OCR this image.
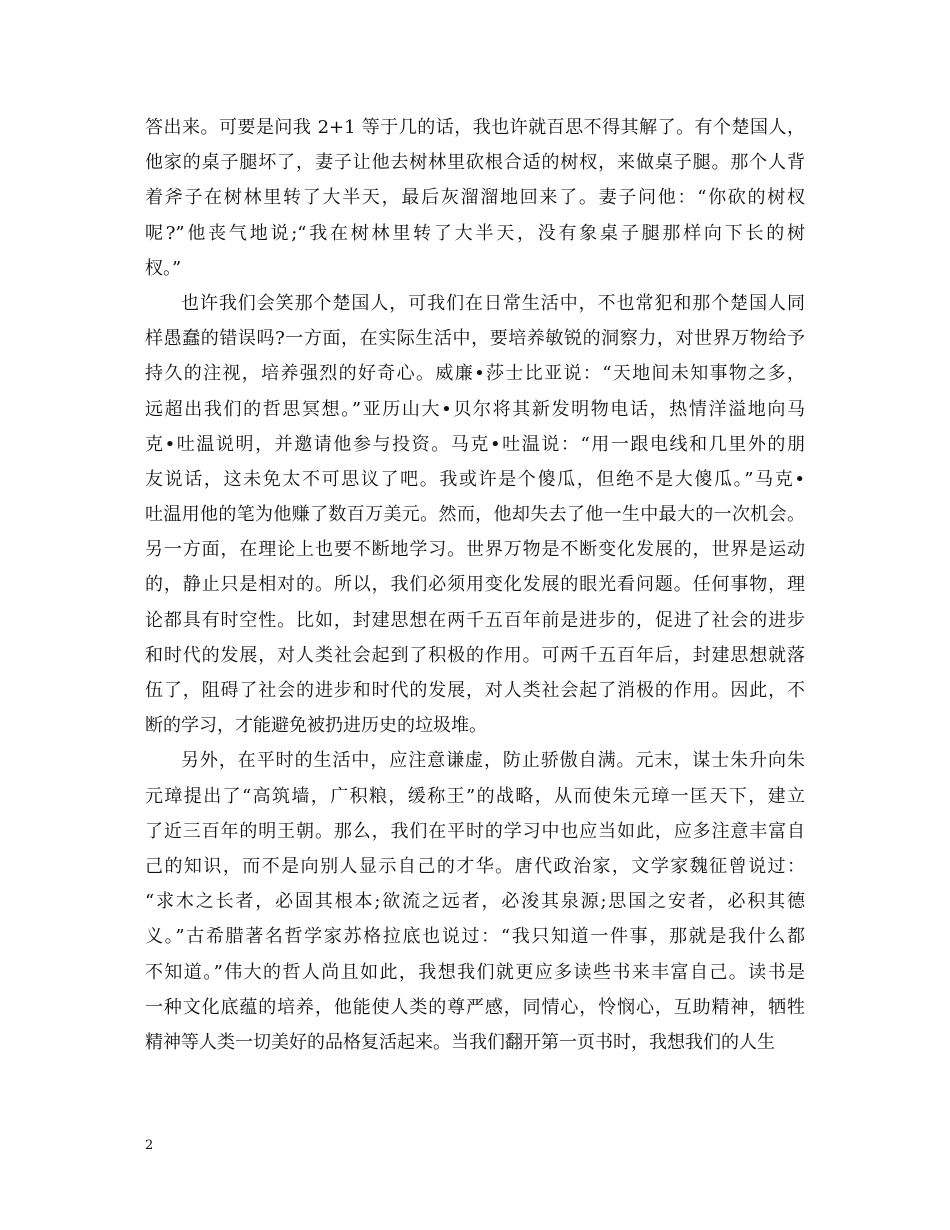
答出来。可要是问我 2+1 等于几的话，我也许就百思不得其解了。有个楚国人，
他家的桌子腿坏了，妻子让他去树林里砍根合适的树杈，来做桌子腿。那个人背
着斧子在树林里转了大半天，最后灰溜溜地回来了。妻子问他：“你砍的树杈
呢?”他丧气地说;“我在树林里转了大半天，没有象桌子腿那样向下长的树
杈。”
也许我们会笑那个楚国人，可我们在日常生活中，不也常犯和那个楚国人同
样愚蠢的错误吗?一方面，在实际生活中，要培养敏锐的洞察力，对世界万物给予
持久的注视，培养强烈的好奇心。威廉•莎士比亚说：“天地间未知事物之多，
远超出我们的哲思冥想。”亚历山大•贝尔将其新发明物电话，热情洋溢地向马
克•吐温说明，并邀请他参与投资。马克•吐温说：“用一跟电线和几里外的朋
友说话，这未免太不可思议了吧。我或许是个傻瓜，但绝不是大傻瓜。”马克•
吐温用他的笔为他赚了数百万美元。然而，他却失去了他一生中最大的一次机会。
另一方面，在理论上也要不断地学习。世界万物是不断变化发展的，世界是运动
的，静止只是相对的。所以，我们必须用变化发展的眼光看问题。任何事物，理
论都具有时空性。比如，封建思想在两千五百年前是进步的，促进了社会的进步
和时代的发展，对人类社会起到了积极的作用。可两千五百年后，封建思想就落
伍了，阻碍了社会的进步和时代的发展，对人类社会起了消极的作用。因此，不
断的学习，才能避免被扔进历史的垃圾堆。
另外，在平时的生活中，应注意谦虚，防止骄傲自满。元末，谋士朱升向朱
元璋提出了“高筑墙，广积粮，缓称王”的战略，从而使朱元璋一匡天下，建立
了近三百年的明王朝。那么，我们在平时的学习中也应当如此，应多注意丰富自
己的知识，而不是向别人显示自己的才华。唐代政治家，文学家魏征曾说过：
“求木之长者，必固其根本;欲流之远者，必浚其泉源;思国之安者，必积其德
义。”古希腊著名哲学家苏格拉底也说过：“我只知道一件事，那就是我什么都
不知道。”伟大的哲人尚且如此，我想我们就更应多读些书来丰富自己。读书是
一种文化底蕴的培养，他能使人类的尊严感，同情心，怜悯心，互助精神，牺牲
精神等人类一切美好的品格复活起来。当我们翻开第一页书时，我想我们的人生
2
